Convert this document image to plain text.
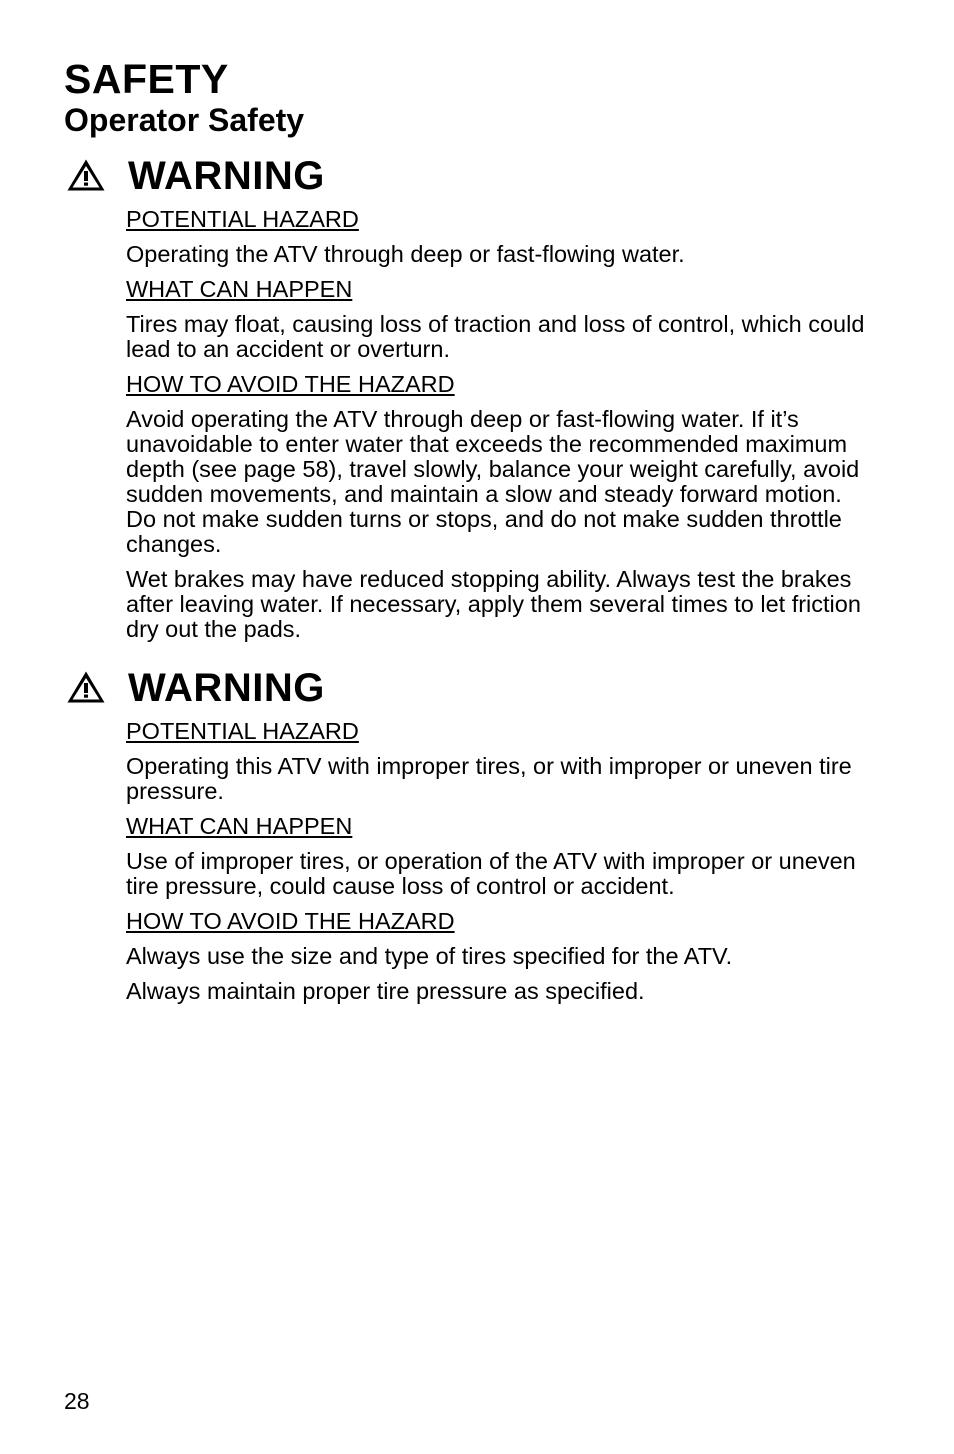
SAFETY
Operator Safety
WARNING
POTENTIAL HAZARD

Operating the ATV through deep or fast-flowing water.

WHAT CAN HAPPEN

Tires may float, causing loss of traction and loss of control, which could lead to an accident or overturn.

HOW TO AVOID THE HAZARD

Avoid operating the ATV through deep or fast-flowing water. If it’s unavoidable to enter water that exceeds the recommended maximum depth (see page 58), travel slowly, balance your weight carefully, avoid sudden movements, and maintain a slow and steady forward motion. Do not make sudden turns or stops, and do not make sudden throttle changes.

Wet brakes may have reduced stopping ability. Always test the brakes after leaving water. If necessary, apply them several times to let friction dry out the pads.

WARNING
POTENTIAL HAZARD

Operating this ATV with improper tires, or with improper or uneven tire pressure.

WHAT CAN HAPPEN

Use of improper tires, or operation of the ATV with improper or uneven tire pressure, could cause loss of control or accident.

HOW TO AVOID THE HAZARD

Always use the size and type of tires specified for the ATV.

Always maintain proper tire pressure as specified.

28
